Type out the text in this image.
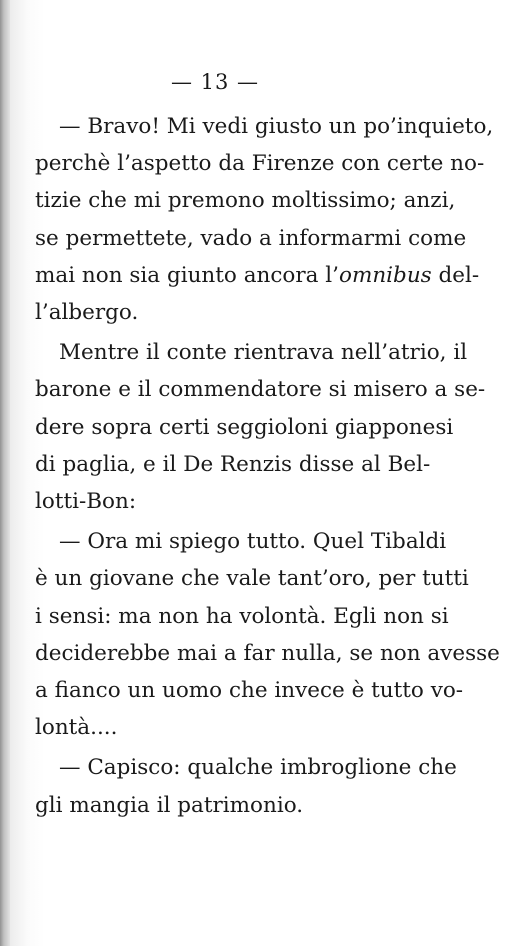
— 13 —

— Bravo! Mi vedi giusto un po’inquieto,
perchè l’aspetto da Firenze con certe no-
tizie che mi premono moltissimo; anzi,
se permettete, vado a informarmi come
mai non sia giunto ancora l’omnibus del-
l’albergo.

Mentre il conte rientrava nell’atrio, il
barone e il commendatore si misero a se-
dere sopra certi seggioloni giapponesi
di paglia, e il De Renzis disse al Bel-
lotti-Bon:

— Ora mi spiego tutto. Quel Tibaldi
è un giovane che vale tant’oro, per tutti
i sensi: ma non ha volontà. Egli non si
deciderebbe mai a far nulla, se non avesse
a fianco un uomo che invece è tutto vo-
lontà....

— Capisco: qualche imbroglione che
gli mangia il patrimonio.
